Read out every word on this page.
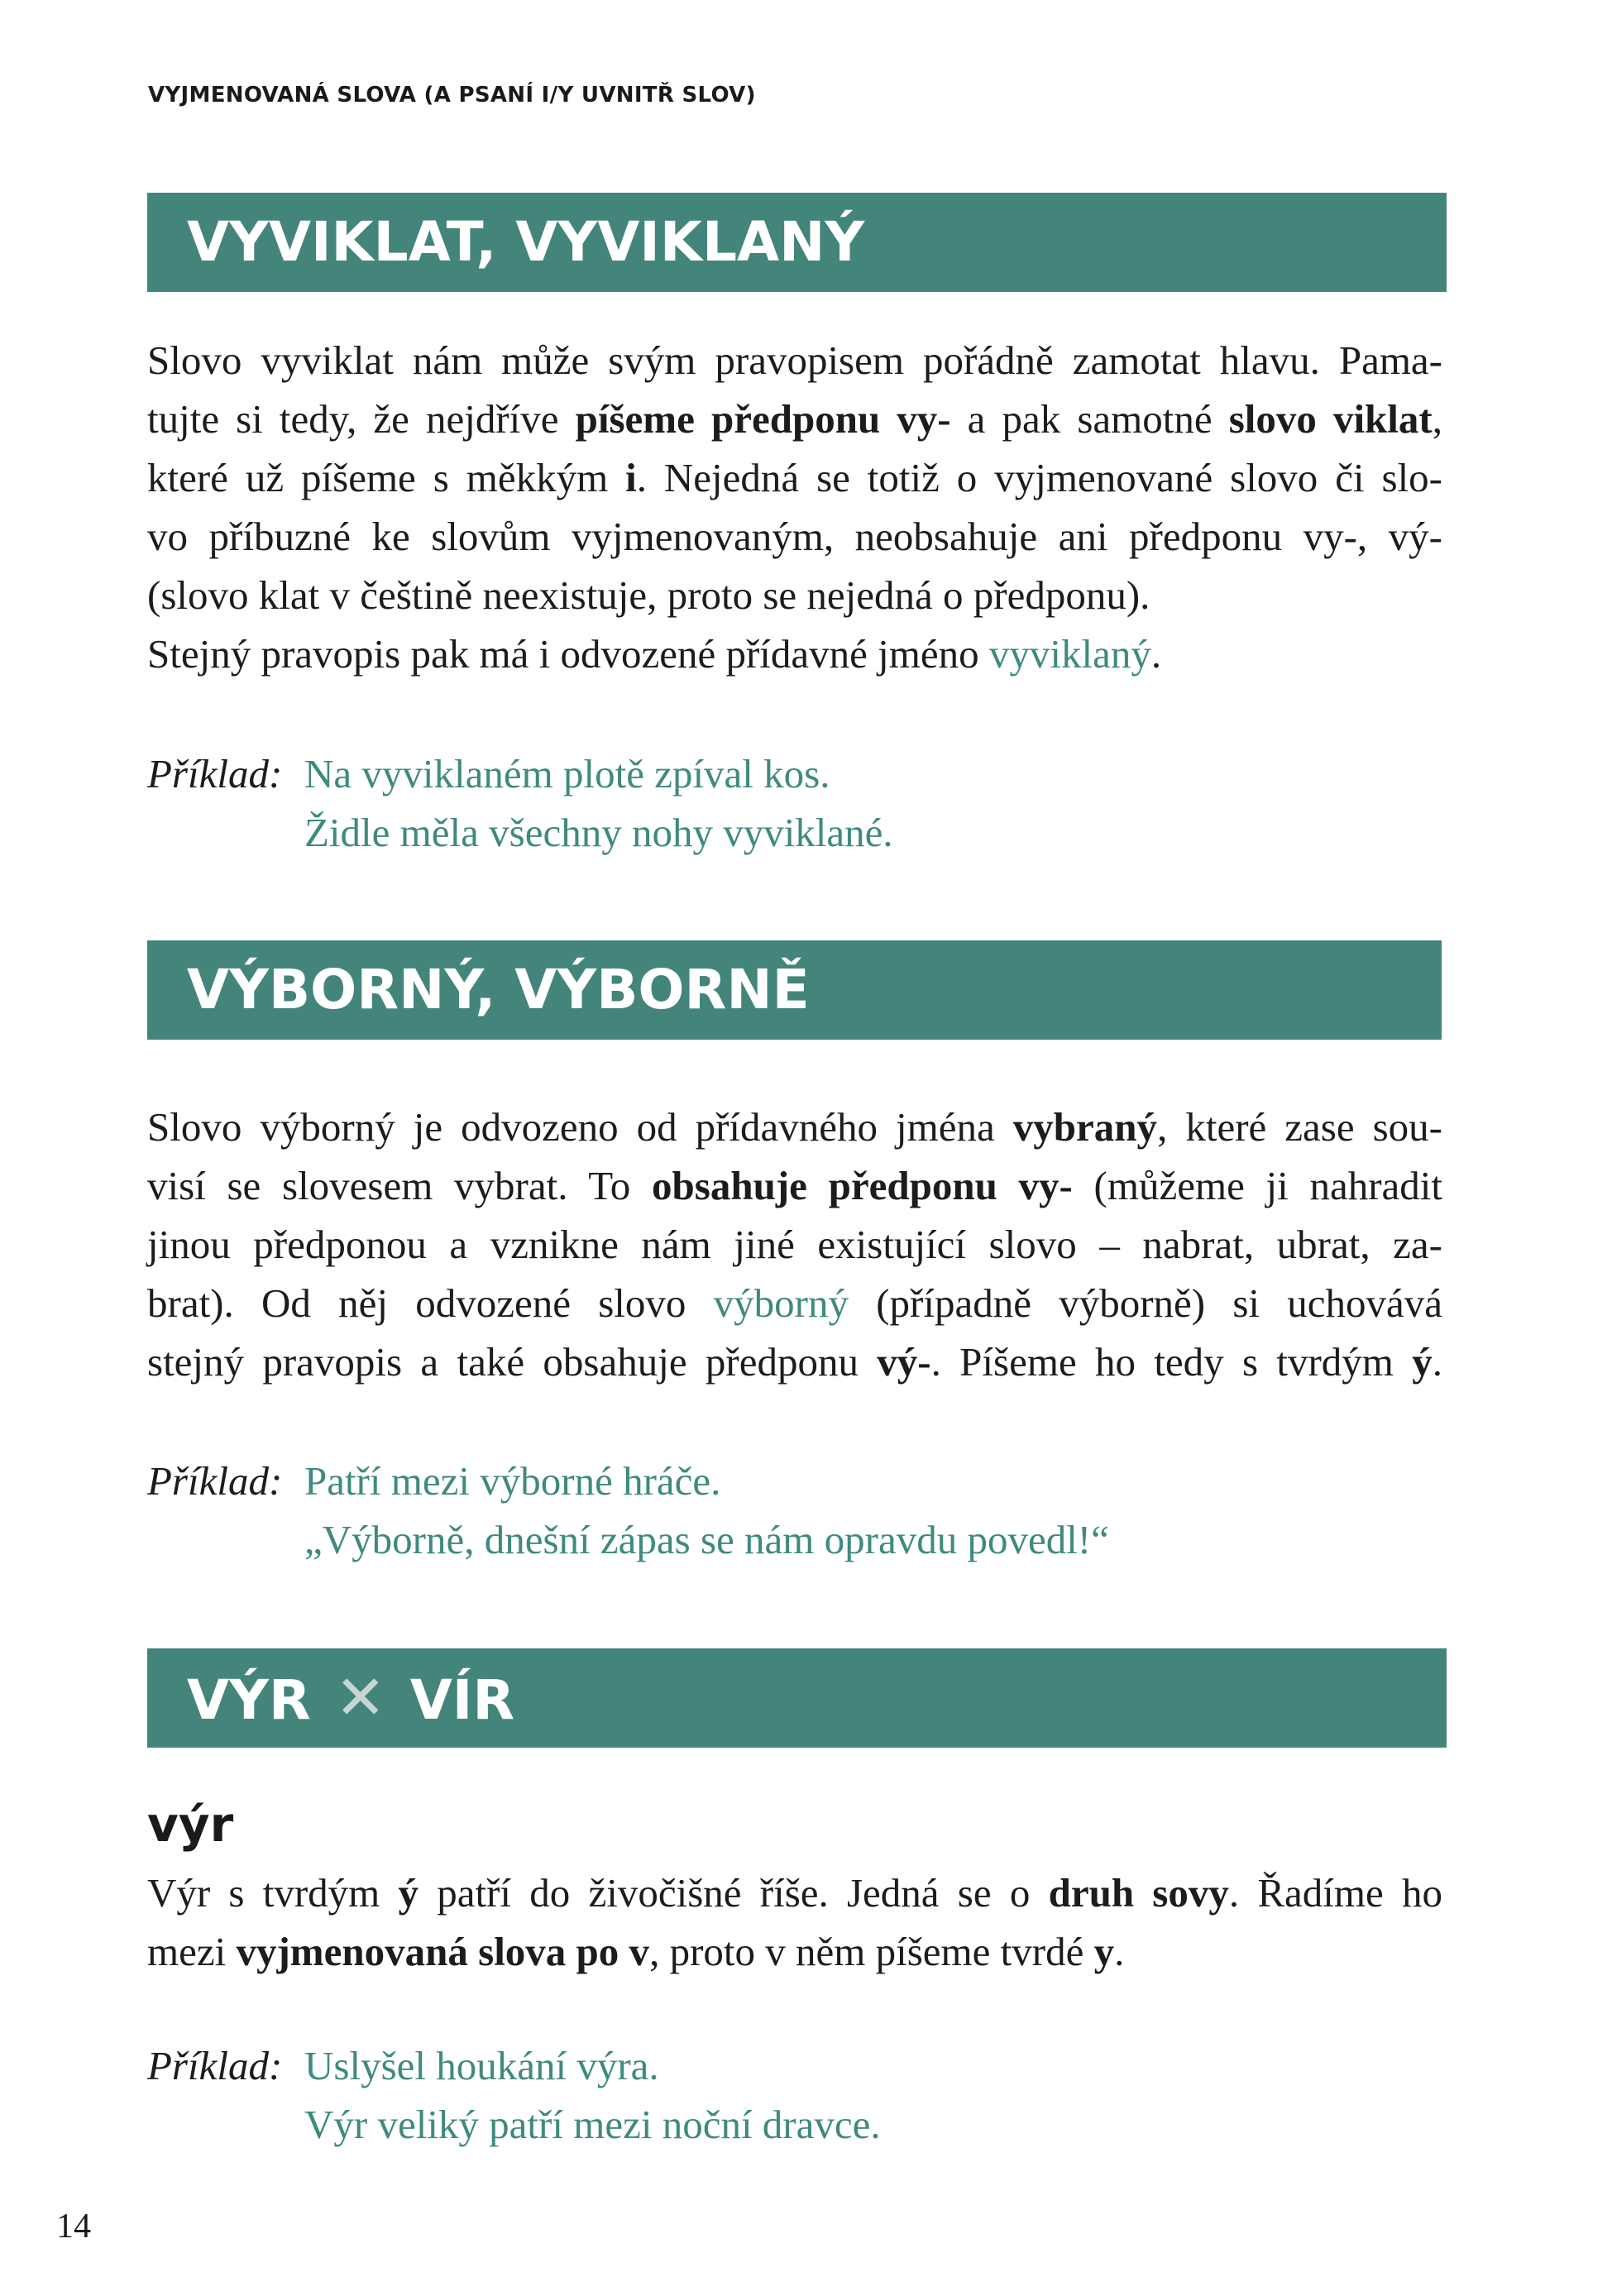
VYJMENOVANÁ SLOVA (A PSANÍ I/Y UVNITŘ SLOV)
VYVIKLAT, VYVIKLANÝ
Slovo vyviklat nám může svým pravopisem pořádně zamotat hlavu. Pama-
tujte si tedy, že nejdříve píšeme předponu vy- a pak samotné slovo viklat,
které už píšeme s měkkým i. Nejedná se totiž o vyjmenované slovo či slo-
vo příbuzné ke slovům vyjmenovaným, neobsahuje ani předponu vy-, vý-
(slovo klat v češtině neexistuje, proto se nejedná o předponu).
Stejný pravopis pak má i odvozené přídavné jméno vyviklaný.
Příklad: Na vyviklaném plotě zpíval kos.
Židle měla všechny nohy vyviklané.
VÝBORNÝ, VÝBORNĚ
Slovo výborný je odvozeno od přídavného jména vybraný, které zase sou-
visí se slovesem vybrat. To obsahuje předponu vy- (můžeme ji nahradit
jinou předponou a vznikne nám jiné existující slovo – nabrat, ubrat, za-
brat). Od něj odvozené slovo výborný (případně výborně) si uchovává
stejný pravopis a také obsahuje předponu vý-. Píšeme ho tedy s tvrdým ý.
Příklad: Patří mezi výborné hráče.
„Výborně, dnešní zápas se nám opravdu povedl!“
VÝR ✕ VÍR
výr
Výr s tvrdým ý patří do živočišné říše. Jedná se o druh sovy. Řadíme ho
mezi vyjmenovaná slova po v, proto v něm píšeme tvrdé y.
Příklad: Uslyšel houkání výra.
Výr veliký patří mezi noční dravce.
14
